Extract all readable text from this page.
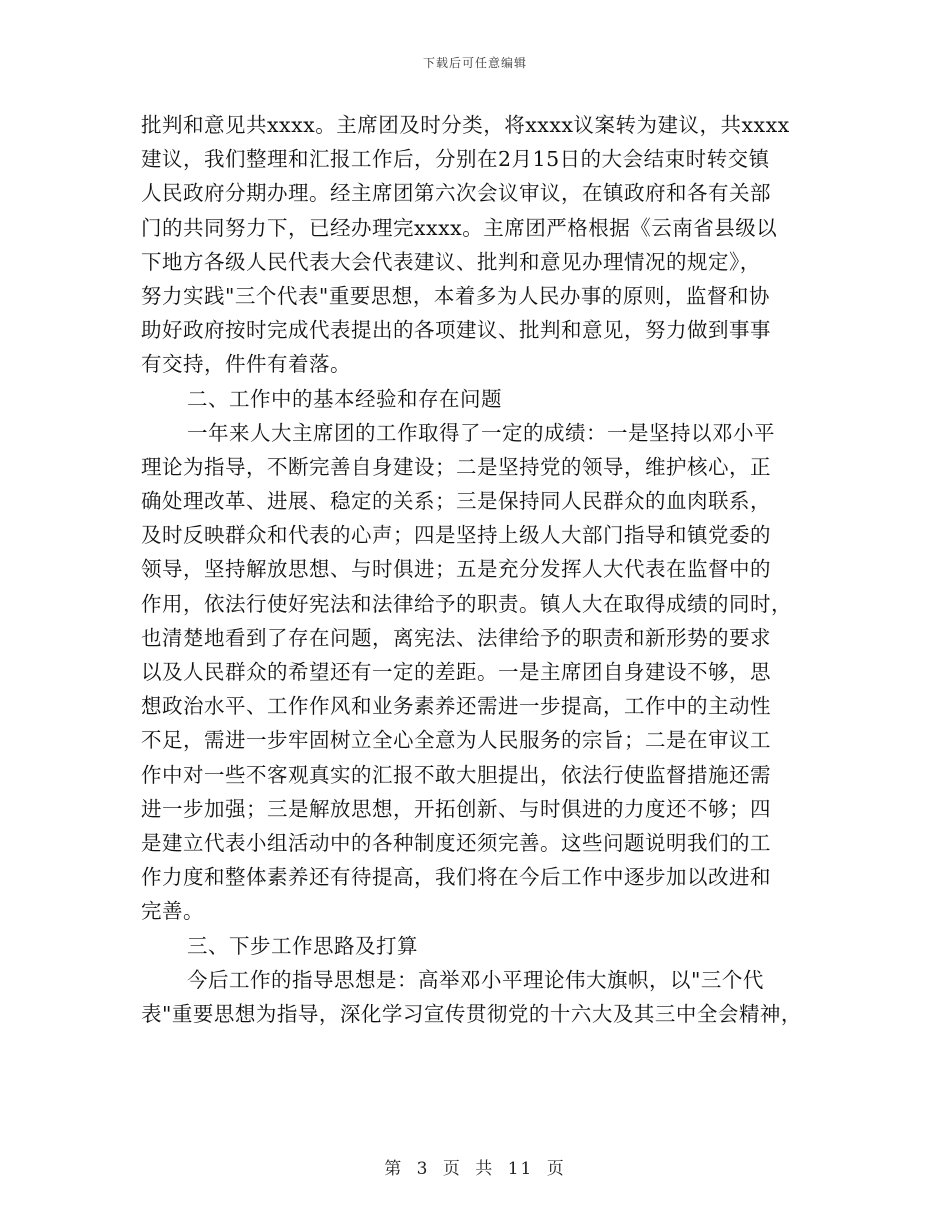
下载后可任意编辑
批判和意见共xxxx。主席团及时分类，将xxxx议案转为建议，共xxxx
建议，我们整理和汇报工作后，分别在2月15日的大会结束时转交镇
人民政府分期办理。经主席团第六次会议审议，在镇政府和各有关部
门的共同努力下，已经办理完xxxx。主席团严格根据《云南省县级以
下地方各级人民代表大会代表建议、批判和意见办理情况的规定》，
努力实践"三个代表"重要思想，本着多为人民办事的原则，监督和协
助好政府按时完成代表提出的各项建议、批判和意见，努力做到事事
有交持，件件有着落。
二、工作中的基本经验和存在问题
一年来人大主席团的工作取得了一定的成绩：一是坚持以邓小平
理论为指导，不断完善自身建设；二是坚持党的领导，维护核心，正
确处理改革、进展、稳定的关系；三是保持同人民群众的血肉联系，
及时反映群众和代表的心声；四是坚持上级人大部门指导和镇党委的
领导，坚持解放思想、与时俱进；五是充分发挥人大代表在监督中的
作用，依法行使好宪法和法律给予的职责。镇人大在取得成绩的同时，
也清楚地看到了存在问题，离宪法、法律给予的职责和新形势的要求
以及人民群众的希望还有一定的差距。一是主席团自身建设不够，思
想政治水平、工作作风和业务素养还需进一步提高，工作中的主动性
不足，需进一步牢固树立全心全意为人民服务的宗旨；二是在审议工
作中对一些不客观真实的汇报不敢大胆提出，依法行使监督措施还需
进一步加强；三是解放思想，开拓创新、与时俱进的力度还不够；四
是建立代表小组活动中的各种制度还须完善。这些问题说明我们的工
作力度和整体素养还有待提高，我们将在今后工作中逐步加以改进和
完善。
三、下步工作思路及打算
今后工作的指导思想是：高举邓小平理论伟大旗帜，以"三个代
表"重要思想为指导，深化学习宣传贯彻党的十六大及其三中全会精神，
第 3 页 共 11 页
